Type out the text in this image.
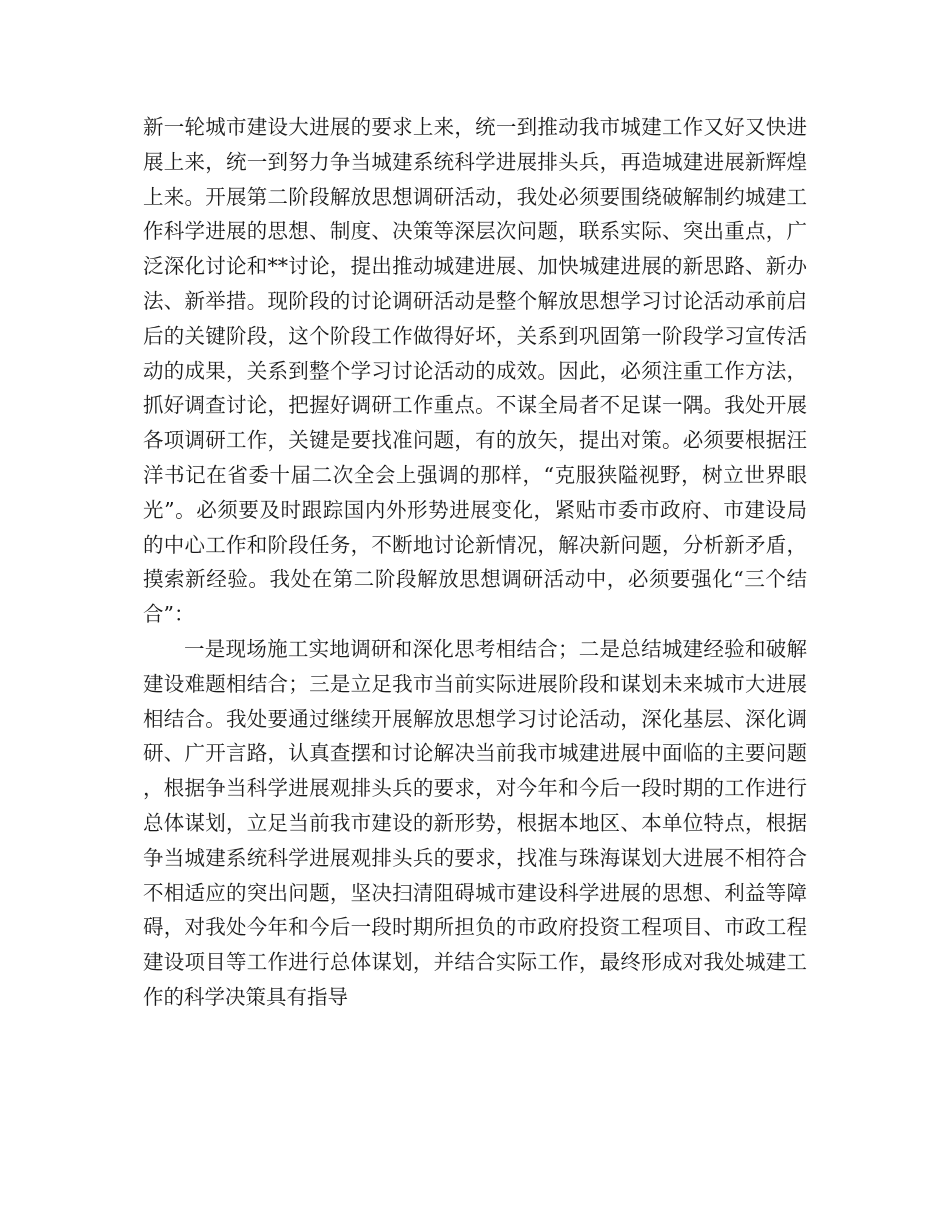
新一轮城市建设大进展的要求上来，统一到推动我市城建工作又好又快进展上来，统一到努力争当城建系统科学进展排头兵，再造城建进展新辉煌上来。开展第二阶段解放思想调研活动，我处必须要围绕破解制约城建工作科学进展的思想、制度、决策等深层次问题，联系实际、突出重点，广泛深化讨论和**讨论，提出推动城建进展、加快城建进展的新思路、新办法、新举措。现阶段的讨论调研活动是整个解放思想学习讨论活动承前启后的关键阶段，这个阶段工作做得好坏，关系到巩固第一阶段学习宣传活动的成果，关系到整个学习讨论活动的成效。因此，必须注重工作方法，抓好调查讨论，把握好调研工作重点。不谋全局者不足谋一隅。我处开展各项调研工作，关键是要找准问题，有的放矢，提出对策。必须要根据汪洋书记在省委十届二次全会上强调的那样，“克服狭隘视野，树立世界眼光”。必须要及时跟踪国内外形势进展变化，紧贴市委市政府、市建设局的中心工作和阶段任务，不断地讨论新情况，解决新问题，分析新矛盾，摸索新经验。我处在第二阶段解放思想调研活动中，必须要强化“三个结合”：

一是现场施工实地调研和深化思考相结合；二是总结城建经验和破解建设难题相结合；三是立足我市当前实际进展阶段和谋划未来城市大进展相结合。我处要通过继续开展解放思想学习讨论活动，深化基层、深化调研、广开言路，认真查摆和讨论解决当前我市城建进展中面临的主要问题，根据争当科学进展观排头兵的要求，对今年和今后一段时期的工作进行总体谋划，立足当前我市建设的新形势，根据本地区、本单位特点，根据争当城建系统科学进展观排头兵的要求，找准与珠海谋划大进展不相符合不相适应的突出问题，坚决扫清阻碍城市建设科学进展的思想、利益等障碍，对我处今年和今后一段时期所担负的市政府投资工程项目、市政工程建设项目等工作进行总体谋划，并结合实际工作，最终形成对我处城建工作的科学决策具有指导
